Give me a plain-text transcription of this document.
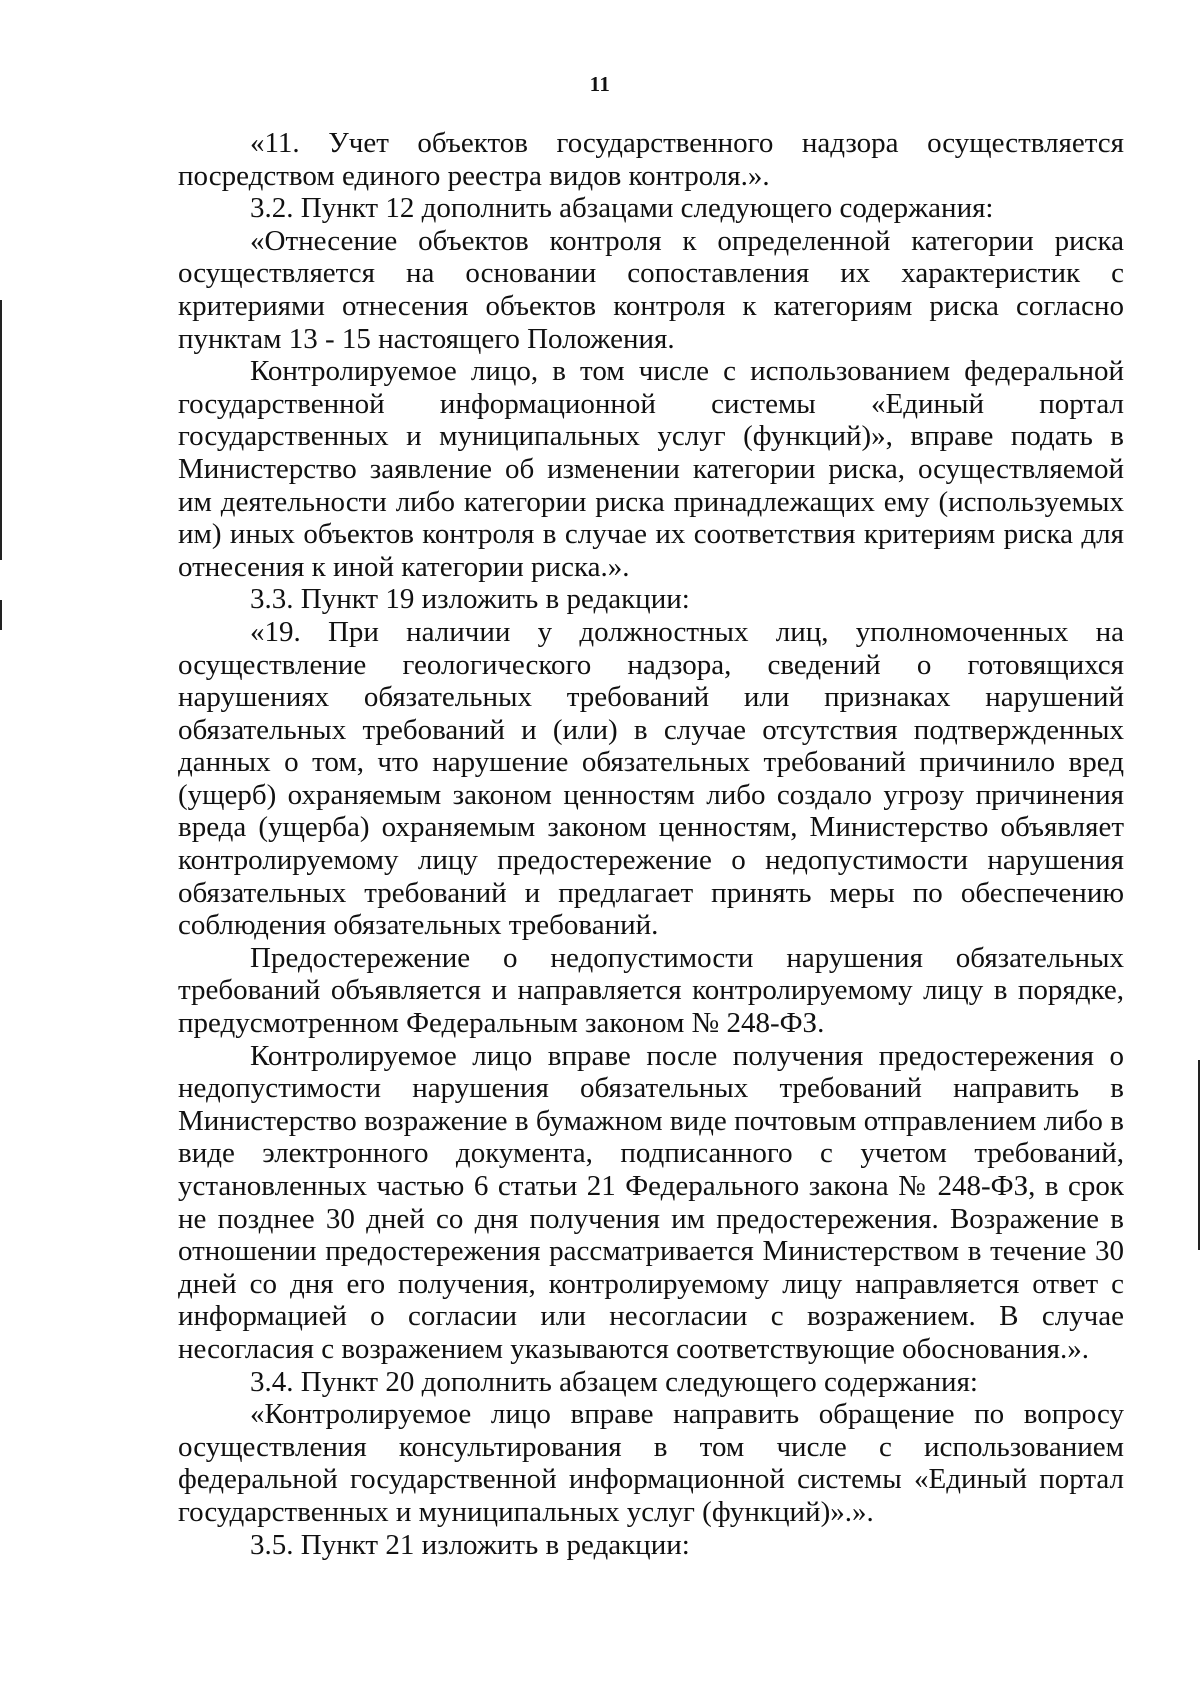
11

«11. Учет объектов государственного надзора осуществляется посредством единого реестра видов контроля.».

3.2. Пункт 12 дополнить абзацами следующего содержания:

«Отнесение объектов контроля к определенной категории риска осуществляется на основании сопоставления их характеристик с критериями отнесения объектов контроля к категориям риска согласно пунктам 13 - 15 настоящего Положения.

Контролируемое лицо, в том числе с использованием федеральной государственной информационной системы «Единый портал государственных и муниципальных услуг (функций)», вправе подать в Министерство заявление об изменении категории риска, осуществляемой им деятельности либо категории риска принадлежащих ему (используемых им) иных объектов контроля в случае их соответствия критериям риска для отнесения к иной категории риска.».

3.3. Пункт 19 изложить в редакции:

«19. При наличии у должностных лиц, уполномоченных на осуществление геологического надзора, сведений о готовящихся нарушениях обязательных требований или признаках нарушений обязательных требований и (или) в случае отсутствия подтвержденных данных о том, что нарушение обязательных требований причинило вред (ущерб) охраняемым законом ценностям либо создало угрозу причинения вреда (ущерба) охраняемым законом ценностям, Министерство объявляет контролируемому лицу предостережение о недопустимости нарушения обязательных требований и предлагает принять меры по обеспечению соблюдения обязательных требований.

Предостережение о недопустимости нарушения обязательных требований объявляется и направляется контролируемому лицу в порядке, предусмотренном Федеральным законом № 248-ФЗ.

Контролируемое лицо вправе после получения предостережения о недопустимости нарушения обязательных требований направить в Министерство возражение в бумажном виде почтовым отправлением либо в виде электронного документа, подписанного с учетом требований, установленных частью 6 статьи 21 Федерального закона № 248-ФЗ, в срок не позднее 30 дней со дня получения им предостережения. Возражение в отношении предостережения рассматривается Министерством в течение 30 дней со дня его получения, контролируемому лицу направляется ответ с информацией о согласии или несогласии с возражением. В случае несогласия с возражением указываются соответствующие обоснования.».

3.4. Пункт 20 дополнить абзацем следующего содержания:

«Контролируемое лицо вправе направить обращение по вопросу осуществления консультирования в том числе с использованием федеральной государственной информационной системы «Единый портал государственных и муниципальных услуг (функций)».».

3.5. Пункт 21 изложить в редакции:
